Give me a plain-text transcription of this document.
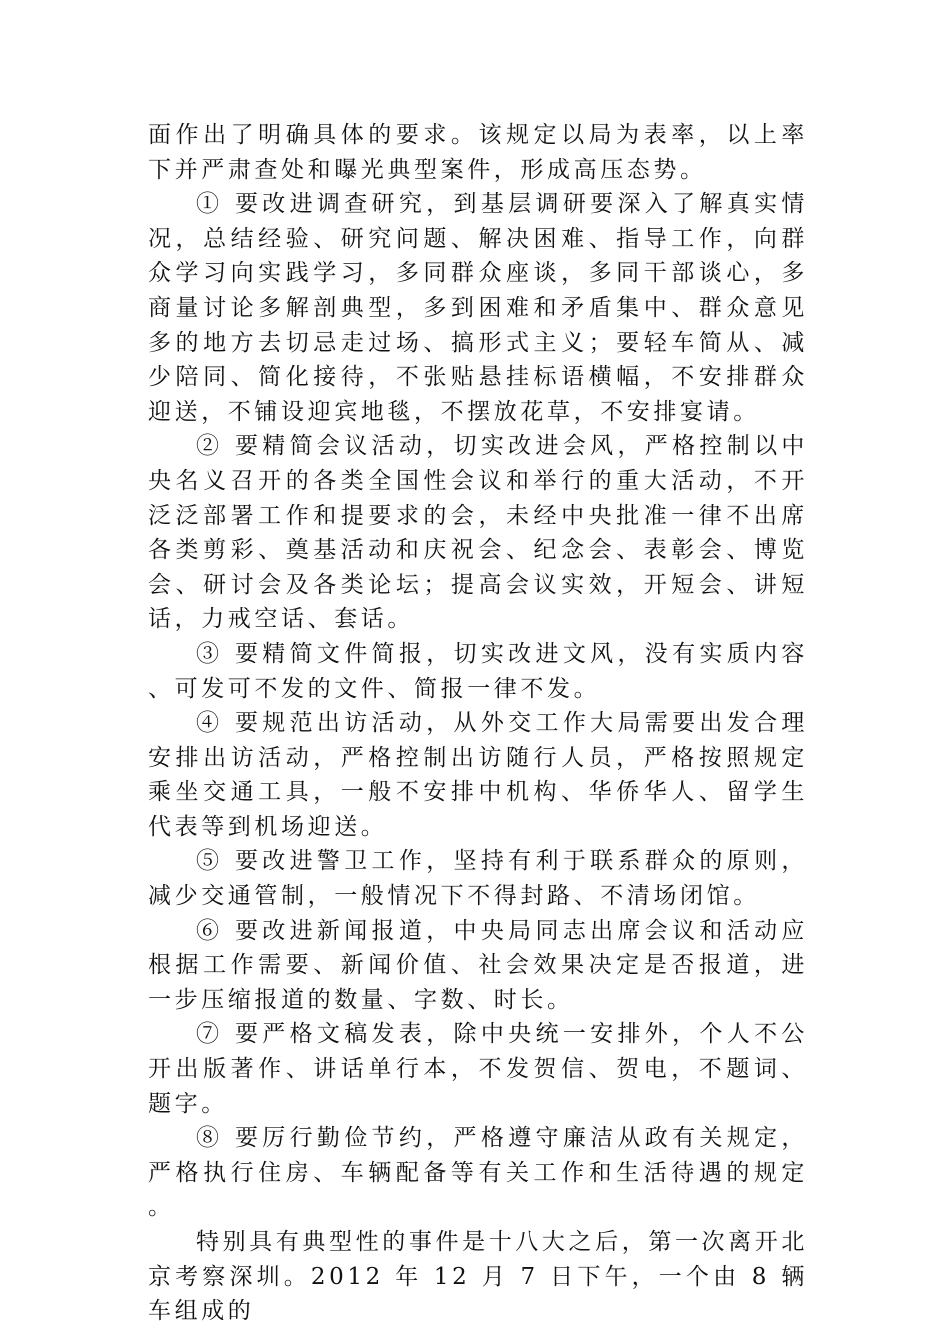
面作出了明确具体的要求。该规定以局为表率，以上率下并严肃查处和曝光典型案件，形成高压态势。

① 要改进调查研究，到基层调研要深入了解真实情况，总结经验、研究问题、解决困难、指导工作，向群众学习向实践学习，多同群众座谈，多同干部谈心，多商量讨论多解剖典型，多到困难和矛盾集中、群众意见多的地方去切忌走过场、搞形式主义；要轻车简从、减少陪同、简化接待，不张贴悬挂标语横幅，不安排群众迎送，不铺设迎宾地毯，不摆放花草，不安排宴请。

② 要精简会议活动，切实改进会风，严格控制以中央名义召开的各类全国性会议和举行的重大活动，不开泛泛部署工作和提要求的会，未经中央批准一律不出席各类剪彩、奠基活动和庆祝会、纪念会、表彰会、博览会、研讨会及各类论坛；提高会议实效，开短会、讲短话，力戒空话、套话。

③ 要精简文件简报，切实改进文风，没有实质内容、可发可不发的文件、简报一律不发。

④ 要规范出访活动，从外交工作大局需要出发合理安排出访活动，严格控制出访随行人员，严格按照规定乘坐交通工具，一般不安排中机构、华侨华人、留学生代表等到机场迎送。

⑤ 要改进警卫工作，坚持有利于联系群众的原则，减少交通管制，一般情况下不得封路、不清场闭馆。

⑥ 要改进新闻报道，中央局同志出席会议和活动应根据工作需要、新闻价值、社会效果决定是否报道，进一步压缩报道的数量、字数、时长。

⑦ 要严格文稿发表，除中央统一安排外，个人不公开出版著作、讲话单行本，不发贺信、贺电，不题词、题字。

⑧ 要厉行勤俭节约，严格遵守廉洁从政有关规定，严格执行住房、车辆配备等有关工作和生活待遇的规定。

特别具有典型性的事件是十八大之后，第一次离开北京考察深圳。2012 年 12 月 7 日下午，一个由 8 辆车组成的
